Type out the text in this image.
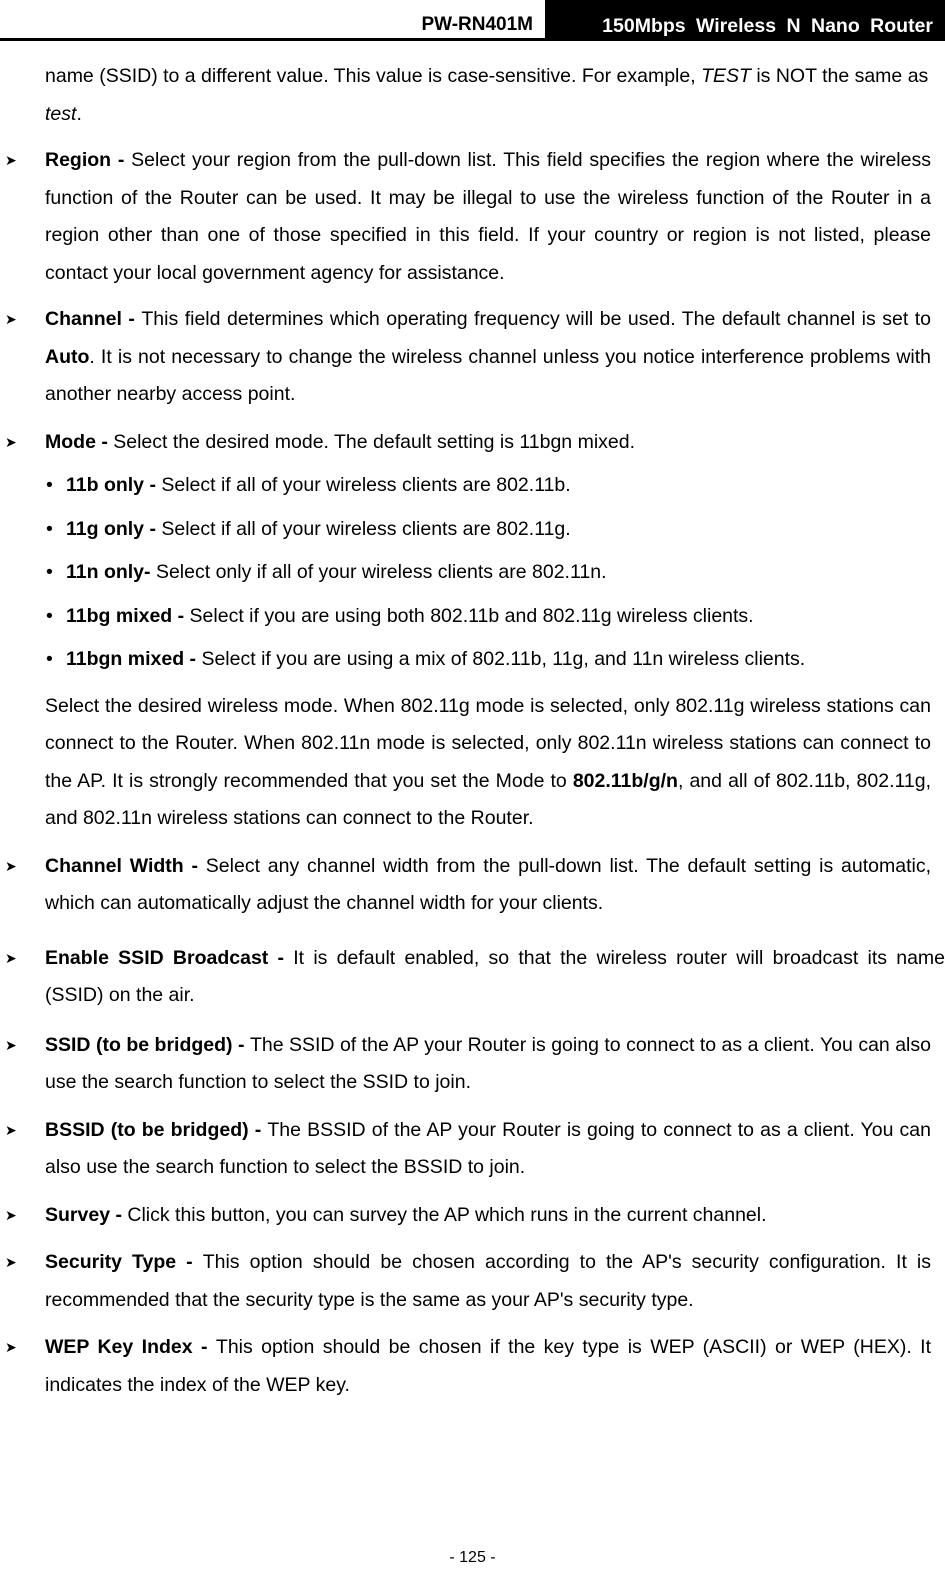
PW-RN401M	150Mbps Wireless N Nano Router

name (SSID) to a different value. This value is case-sensitive. For example, TEST is NOT the same as test.

➤ Region - Select your region from the pull-down list. This field specifies the region where the wireless function of the Router can be used. It may be illegal to use the wireless function of the Router in a region other than one of those specified in this field. If your country or region is not listed, please contact your local government agency for assistance.

➤ Channel - This field determines which operating frequency will be used. The default channel is set to Auto. It is not necessary to change the wireless channel unless you notice interference problems with another nearby access point.

➤ Mode - Select the desired mode. The default setting is 11bgn mixed.

• 11b only - Select if all of your wireless clients are 802.11b.

• 11g only - Select if all of your wireless clients are 802.11g.

• 11n only- Select only if all of your wireless clients are 802.11n.

• 11bg mixed - Select if you are using both 802.11b and 802.11g wireless clients.

• 11bgn mixed - Select if you are using a mix of 802.11b, 11g, and 11n wireless clients.

Select the desired wireless mode. When 802.11g mode is selected, only 802.11g wireless stations can connect to the Router. When 802.11n mode is selected, only 802.11n wireless stations can connect to the AP. It is strongly recommended that you set the Mode to 802.11b/g/n, and all of 802.11b, 802.11g, and 802.11n wireless stations can connect to the Router.

➤ Channel Width - Select any channel width from the pull-down list. The default setting is automatic, which can automatically adjust the channel width for your clients.

➤ Enable SSID Broadcast - It is default enabled, so that the wireless router will broadcast its name (SSID) on the air.

➤ SSID (to be bridged) - The SSID of the AP your Router is going to connect to as a client. You can also use the search function to select the SSID to join.

➤ BSSID (to be bridged) - The BSSID of the AP your Router is going to connect to as a client. You can also use the search function to select the BSSID to join.

➤ Survey - Click this button, you can survey the AP which runs in the current channel.

➤ Security Type - This option should be chosen according to the AP's security configuration. It is recommended that the security type is the same as your AP's security type.

➤ WEP Key Index - This option should be chosen if the key type is WEP (ASCII) or WEP (HEX). It indicates the index of the WEP key.

- 125 -
